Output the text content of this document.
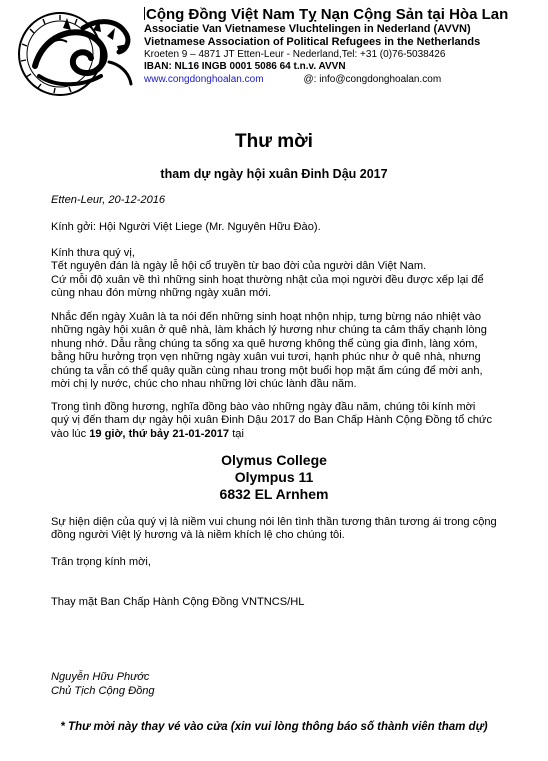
Cộng Đồng Việt Nam Tỵ Nạn Cộng Sản tại Hòa Lan
Associatie Van Vietnamese Vluchtelingen in Nederland (AVVN)
Vietnamese Association of Political Refugees in the Netherlands
Kroeten 9 – 4871 JT Etten-Leur - Nederland,Tel: +31 (0)76-5038426
IBAN: NL16 INGB 0001 5086 64 t.n.v. AVVN
www.congdonghoalan.com	@: info@congdonghoalan.com
Thư mời
tham dự ngày hội xuân Đinh Dậu 2017
Etten-Leur, 20-12-2016
Kính gởi: Hội Người Việt Liege (Mr. Nguyên Hữu Đào).

Kính thưa quý vị,

Tết nguyên đán là ngày lễ hội cổ truyền từ bao đời của người dân Việt Nam.

Cứ mỗi độ xuân về thì những sinh hoạt thường nhật của mọi người đều được xếp lại để

cùng nhau đón mừng những ngày xuân mới.

Nhắc đến ngày Xuân là ta nói đến những sinh hoạt nhộn nhịp, tưng bừng náo nhiệt vào

những ngày hội xuân ở quê nhà, làm khách lý hương như chúng ta cảm thấy chạnh lòng

nhung nhớ. Dẫu rằng chúng ta sống xa quê hương không thể cùng gia đình, làng xóm,

bằng hữu hưởng trọn vẹn những ngày xuân vui tươi, hạnh phúc như ở quê nhà, nhưng

chúng ta vẫn có thể quây quần cùng nhau trong một buổi họp mặt ấm cúng để mời anh,

mời chị ly nước, chúc cho nhau những lời chúc lành đầu năm.

Trong tình đồng hương, nghĩa đồng bào vào những ngày đầu năm, chúng tôi kính mời

quý vị đến tham dự ngày hội xuân Đinh Dậu 2017 do Ban Chấp Hành Cộng Đồng tổ chức

vào lúc 19 giờ, thứ bảy 21-01-2017 tại

Olymus College
Olympus 11
6832 EL Arnhem

Sự hiện diện của quý vị là niềm vui chung nói lên tình thần tương thân tương ái trong cộng

đồng người Việt lý hương và là niềm khích lệ cho chúng tôi.

Trân trọng kính mời,
Thay mặt Ban Chấp Hành Cộng Đồng VNTNCS/HL
Nguyễn Hữu Phước
Chủ Tịch Cộng Đồng
* Thư mời này thay vé vào cửa (xin vui lòng thông báo số thành viên tham dự)
